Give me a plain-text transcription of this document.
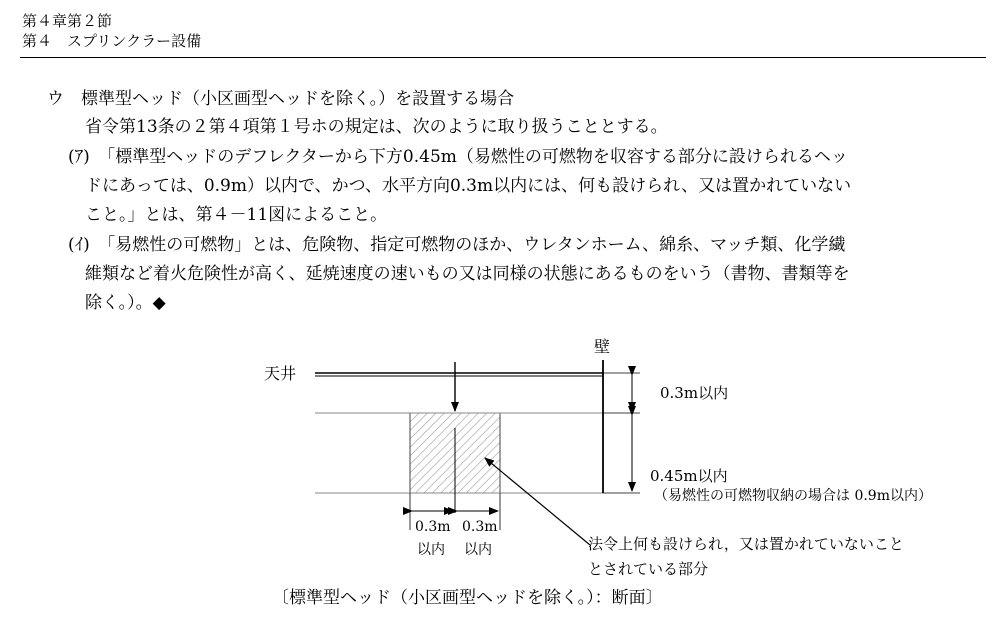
第４章第２節
第４　スプリンクラー設備
ウ　標準型ヘッド（小区画型ヘッドを除く。）を設置する場合
省令第13条の２第４項第１号ホの規定は、次のように取り扱うこととする。
(ｱ)　「標準型ヘッドのデフレクターから下方0.45m（易燃性の可燃物を収容する部分に設けられるヘッ
ドにあっては、0.9m）以内で、かつ、水平方向0.3m以内には、何も設けられ、又は置かれていない
こと。」とは、第４－11図によること。
(ｲ)　「易燃性の可燃物」とは、危険物、指定可燃物のほか、ウレタンホーム、綿糸、マッチ類、化学繊
維類など着火危険性が高く、延焼速度の速いもの又は同様の状態にあるものをいう（書物、書類等を
除く。）。◆
壁
天井
0.3m以内
0.45m以内
（易燃性の可燃物収納の場合は 0.9m以内）
0.3m
以内
0.3m
以内	法令上何も設けられ，又は置かれていないこと
とされている部分
〔標準型ヘッド（小区画型ヘッドを除く。）：断面〕
